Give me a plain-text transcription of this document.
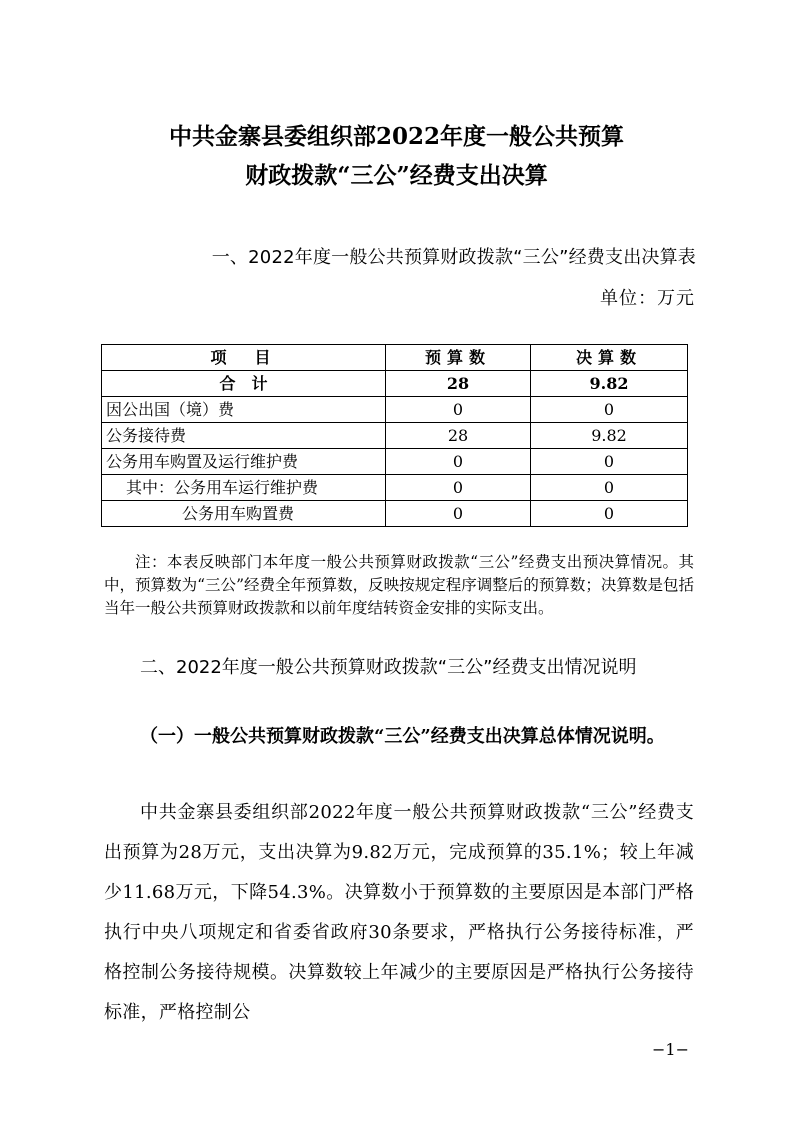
中共金寨县委组织部2022年度一般公共预算
财政拨款“三公”经费支出决算
一、2022年度一般公共预算财政拨款“三公”经费支出决算表
单位：万元
项　目	预算数	决算数
合　计	28	9.82
因公出国（境）费	0	0
公务接待费	28	9.82
公务用车购置及运行维护费	0	0
其中：公务用车运行维护费	0	0
公务用车购置费	0	0
注：本表反映部门本年度一般公共预算财政拨款“三公”经费支出预决算情况。其中，预算数为“三公”经费全年预算数，反映按规定程序调整后的预算数；决算数是包括当年一般公共预算财政拨款和以前年度结转资金安排的实际支出。
二、2022年度一般公共预算财政拨款“三公”经费支出情况说明
（一）一般公共预算财政拨款“三公”经费支出决算总体情况说明。
中共金寨县委组织部2022年度一般公共预算财政拨款“三公”经费支出预算为28万元，支出决算为9.82万元，完成预算的35.1%；较上年减少11.68万元，下降54.3%。决算数小于预算数的主要原因是本部门严格执行中央八项规定和省委省政府30条要求，严格执行公务接待标准，严格控制公务接待规模。决算数较上年减少的主要原因是严格执行公务接待标准，严格控制公
−1−
